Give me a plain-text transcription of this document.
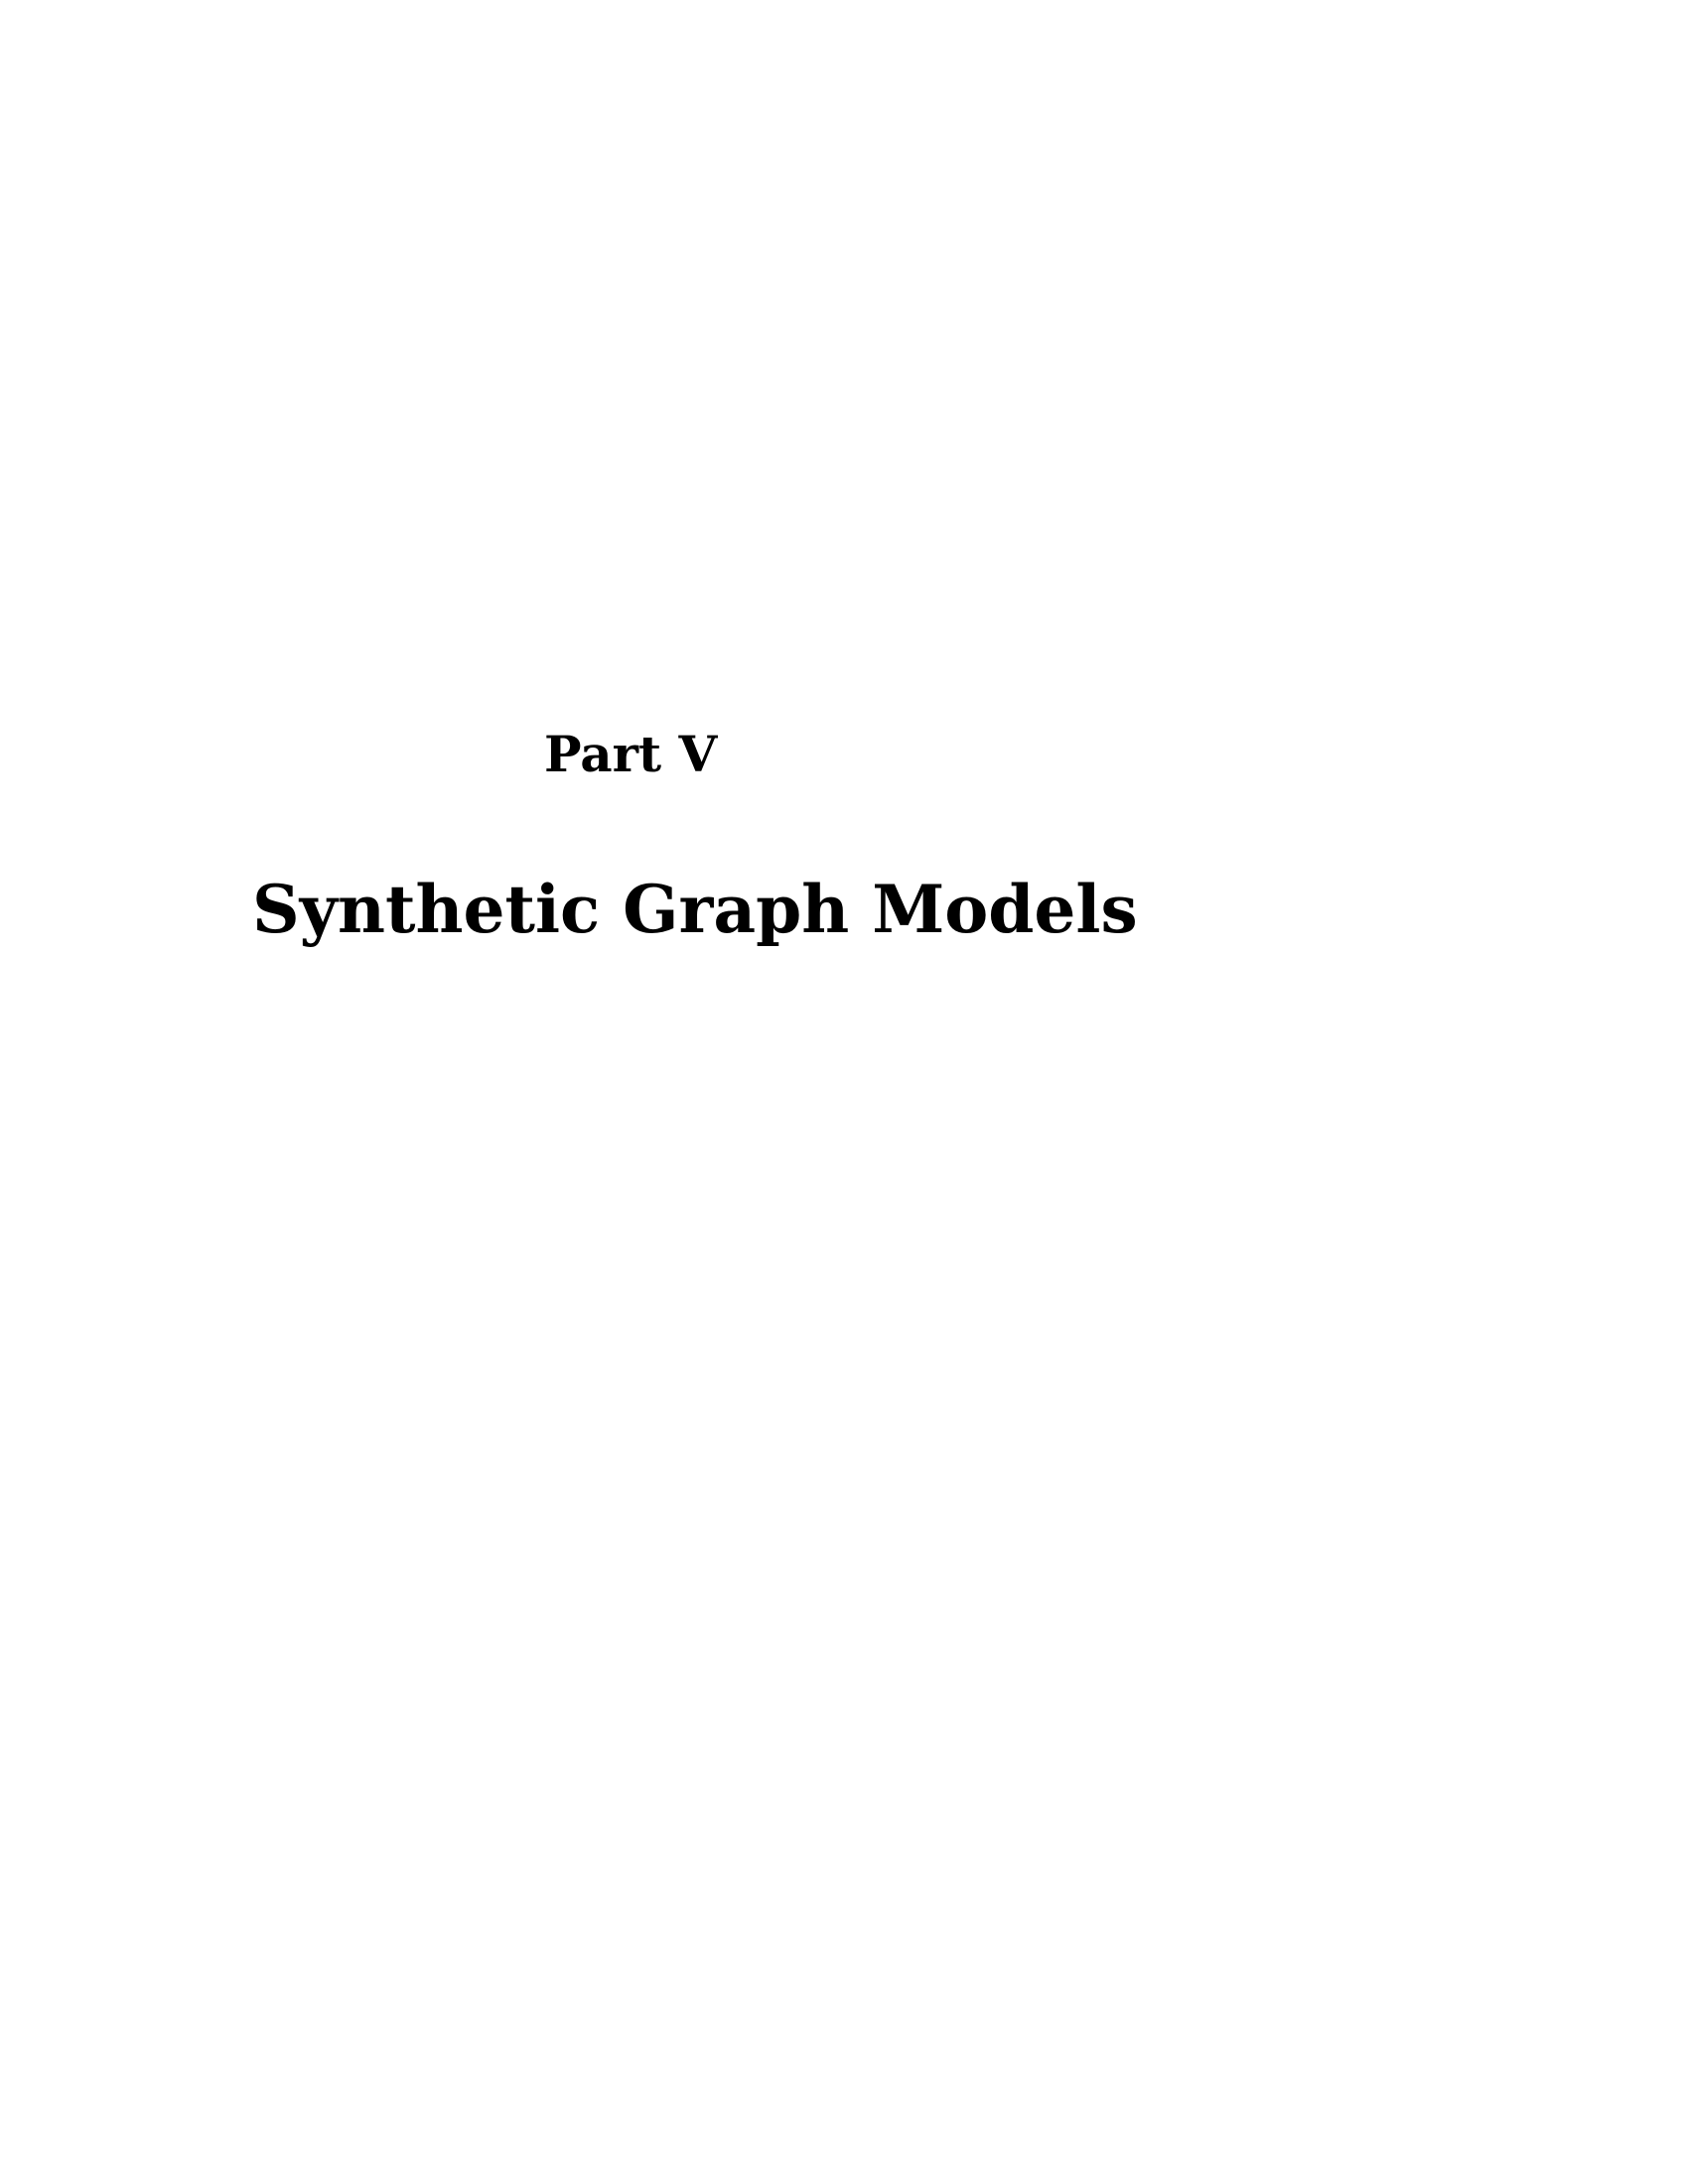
Part V
Synthetic Graph Models
